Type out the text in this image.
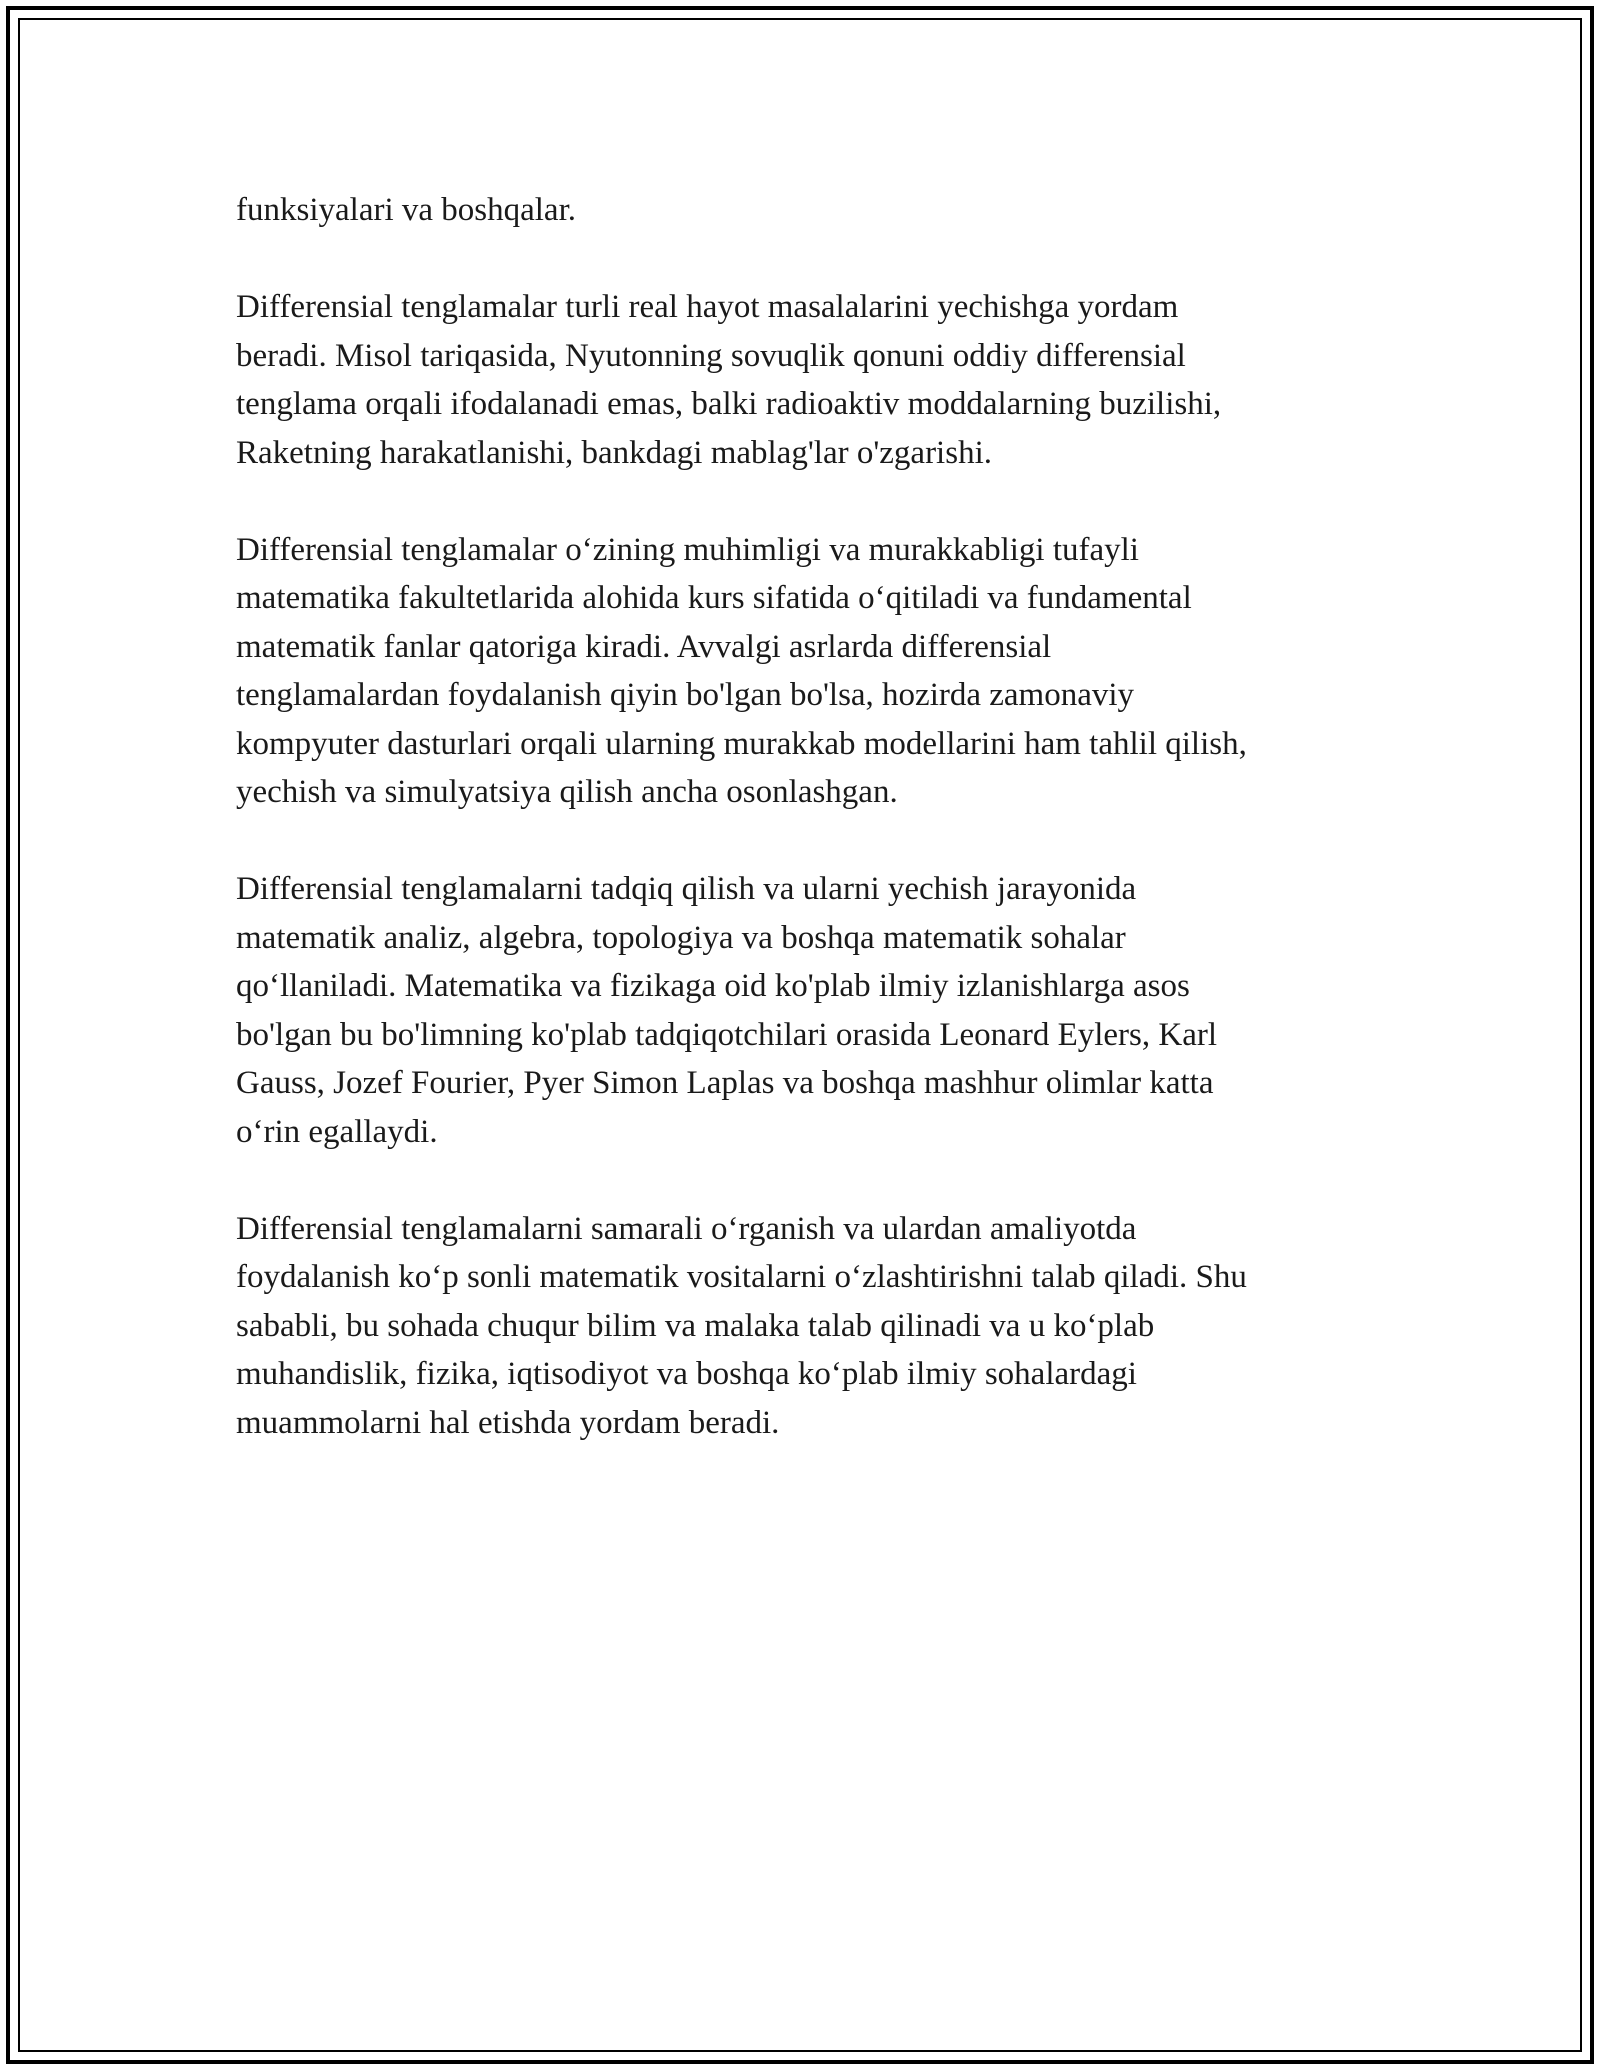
funksiyalari va boshqalar.

Differensial tenglamalar turli real hayot masalalarini yechishga yordam
beradi. Misol tariqasida, Nyutonning sovuqlik qonuni oddiy differensial
tenglama orqali ifodalanadi emas, balki radioaktiv moddalarning buzilishi,
Raketning harakatlanishi, bankdagi mablag'lar o'zgarishi.

Differensial tenglamalar o‘zining muhimligi va murakkabligi tufayli
matematika fakultetlarida alohida kurs sifatida o‘qitiladi va fundamental
matematik fanlar qatoriga kiradi. Avvalgi asrlarda differensial
tenglamalardan foydalanish qiyin bo'lgan bo'lsa, hozirda zamonaviy
kompyuter dasturlari orqali ularning murakkab modellarini ham tahlil qilish,
yechish va simulyatsiya qilish ancha osonlashgan.

Differensial tenglamalarni tadqiq qilish va ularni yechish jarayonida
matematik analiz, algebra, topologiya va boshqa matematik sohalar
qo‘llaniladi. Matematika va fizikaga oid ko'plab ilmiy izlanishlarga asos
bo'lgan bu bo'limning ko'plab tadqiqotchilari orasida Leonard Eylers, Karl
Gauss, Jozef Fourier, Pyer Simon Laplas va boshqa mashhur olimlar katta
o‘rin egallaydi.

Differensial tenglamalarni samarali o‘rganish va ulardan amaliyotda
foydalanish ko‘p sonli matematik vositalarni o‘zlashtirishni talab qiladi. Shu
sababli, bu sohada chuqur bilim va malaka talab qilinadi va u ko‘plab
muhandislik, fizika, iqtisodiyot va boshqa ko‘plab ilmiy sohalardagi
muammolarni hal etishda yordam beradi.
